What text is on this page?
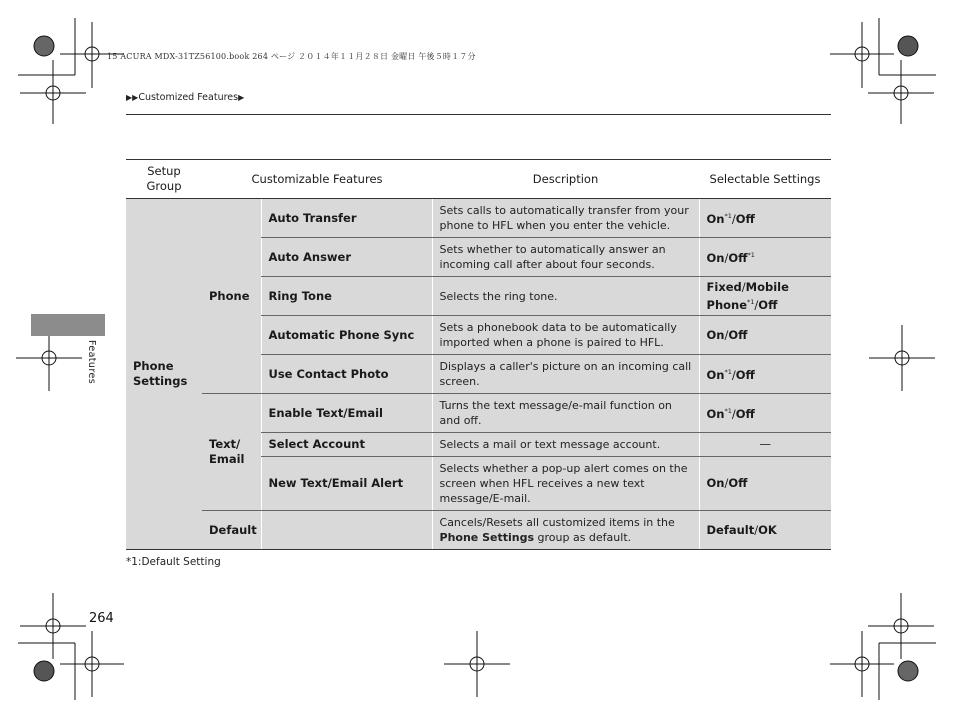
15 ACURA MDX-31TZ56100.book 264 ページ ２０１４年１１月２８日 金曜日 午後５時１７分
▶▶Customized Features▶
Features
Setup Group	Customizable Features		Description	Selectable Settings
Phone Settings	Phone	Auto Transfer	Sets calls to automatically transfer from your phone to HFL when you enter the vehicle.	On$^{*1}$/Off
		Auto Answer	Sets whether to automatically answer an incoming call after about four seconds.	On/Off$^{*1}$
		Ring Tone	Selects the ring tone.	Fixed/Mobile Phone$^{*1}$/Off
		Automatic Phone Sync	Sets a phonebook data to be automatically imported when a phone is paired to HFL.	On/Off
		Use Contact Photo	Displays a caller's picture on an incoming call screen.	On$^{*1}$/Off
	Text/ Email	Enable Text/Email	Turns the text message/e-mail function on and off.	On$^{*1}$/Off
		Select Account	Selects a mail or text message account.	—
		New Text/Email Alert	Selects whether a pop-up alert comes on the screen when HFL receives a new text message/E-mail.	On/Off
	Default		Cancels/Resets all customized items in the Phone Settings group as default.	Default/OK
*1:Default Setting
264
